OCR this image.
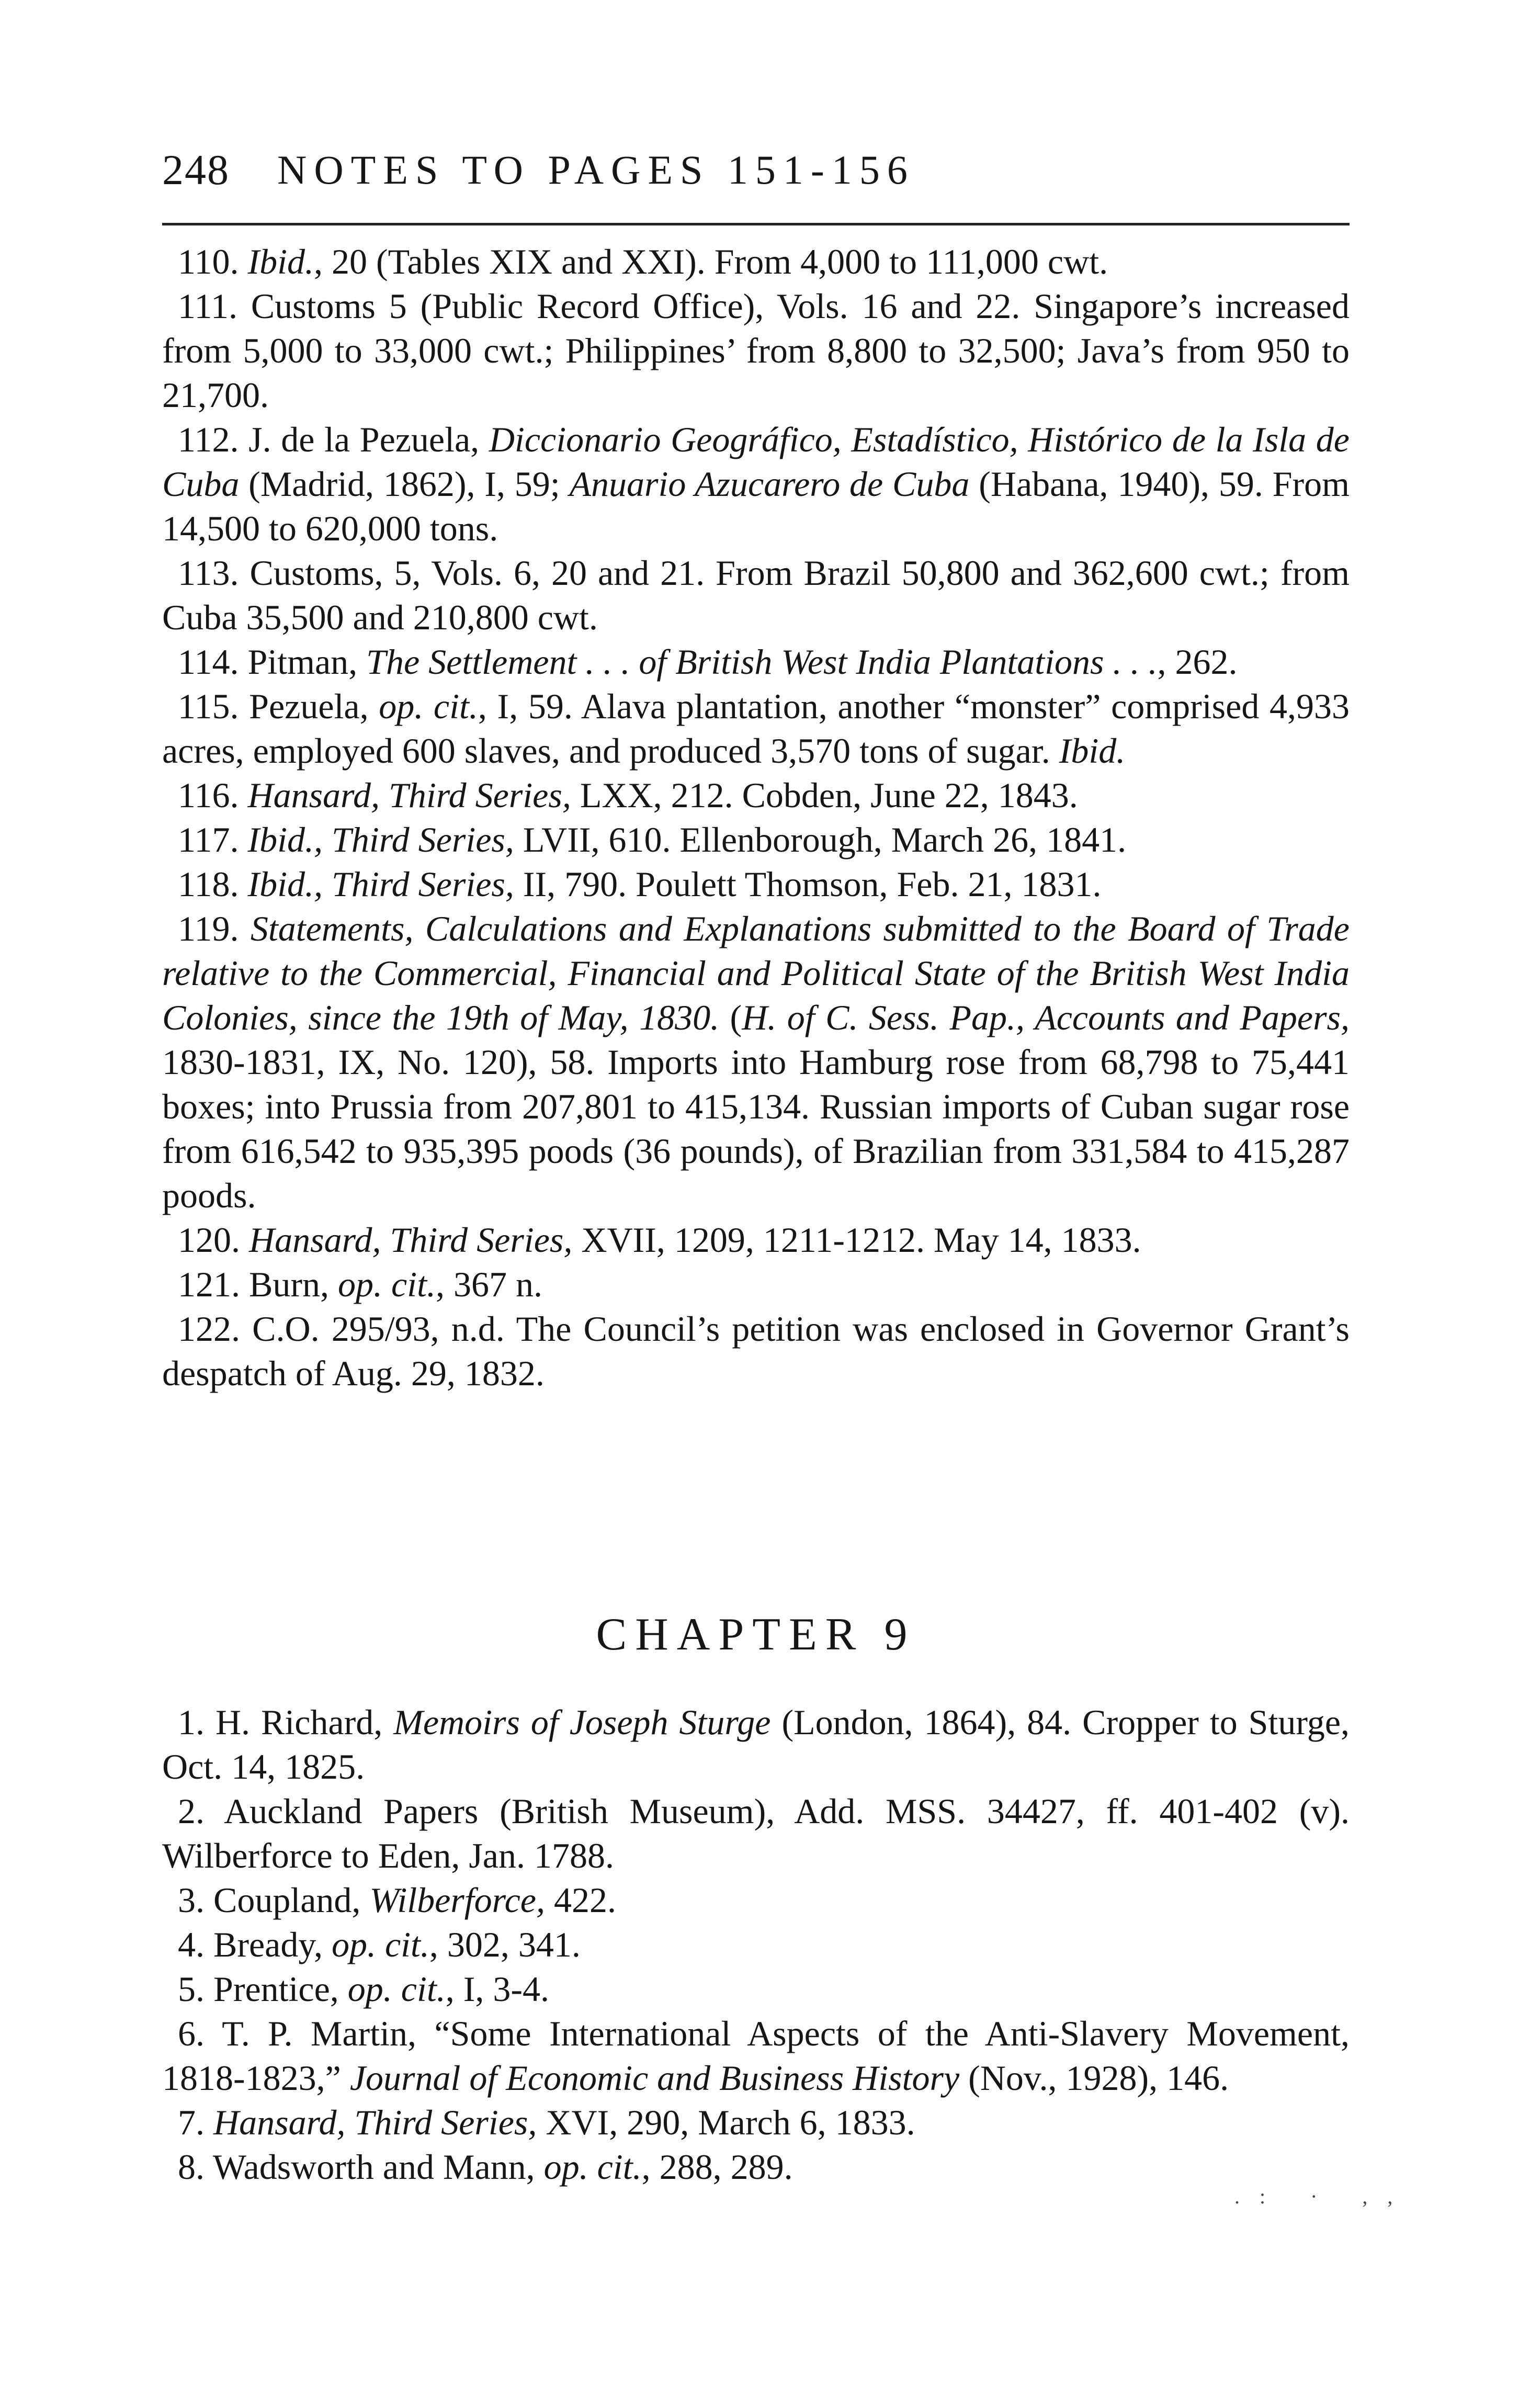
248 NOTES TO PAGES 151-156

110. Ibid., 20 (Tables XIX and XXI). From 4,000 to 111,000 cwt.

111. Customs 5 (Public Record Office), Vols. 16 and 22. Singapore’s increased from 5,000 to 33,000 cwt.; Philippines’ from 8,800 to 32,500; Java’s from 950 to 21,700.

112. J. de la Pezuela, Diccionario Geográfico, Estadístico, Histórico de la Isla de Cuba (Madrid, 1862), I, 59; Anuario Azucarero de Cuba (Habana, 1940), 59. From 14,500 to 620,000 tons.

113. Customs, 5, Vols. 6, 20 and 21. From Brazil 50,800 and 362,600 cwt.; from Cuba 35,500 and 210,800 cwt.

114. Pitman, The Settlement . . . of British West India Plantations . . ., 262.

115. Pezuela, op. cit., I, 59. Alava plantation, another “monster” comprised 4,933 acres, employed 600 slaves, and produced 3,570 tons of sugar. Ibid.

116. Hansard, Third Series, LXX, 212. Cobden, June 22, 1843.

117. Ibid., Third Series, LVII, 610. Ellenborough, March 26, 1841.

118. Ibid., Third Series, II, 790. Poulett Thomson, Feb. 21, 1831.

119. Statements, Calculations and Explanations submitted to the Board of Trade relative to the Commercial, Financial and Political State of the British West India Colonies, since the 19th of May, 1830. (H. of C. Sess. Pap., Accounts and Papers, 1830-1831, IX, No. 120), 58. Imports into Hamburg rose from 68,798 to 75,441 boxes; into Prussia from 207,801 to 415,134. Russian imports of Cuban sugar rose from 616,542 to 935,395 poods (36 pounds), of Brazilian from 331,584 to 415,287 poods.

120. Hansard, Third Series, XVII, 1209, 1211-1212. May 14, 1833.

121. Burn, op. cit., 367 n.

122. C.O. 295/93, n.d. The Council’s petition was enclosed in Governor Grant’s despatch of Aug. 29, 1832.

CHAPTER 9

1. H. Richard, Memoirs of Joseph Sturge (London, 1864), 84. Cropper to Sturge, Oct. 14, 1825.

2. Auckland Papers (British Museum), Add. MSS. 34427, ff. 401-402 (v). Wilberforce to Eden, Jan. 1788.

3. Coupland, Wilberforce, 422.

4. Bready, op. cit., 302, 341.

5. Prentice, op. cit., I, 3-4.

6. T. P. Martin, “Some International Aspects of the Anti-Slavery Movement, 1818-1823,” Journal of Economic and Business History (Nov., 1928), 146.

7. Hansard, Third Series, XVI, 290, March 6, 1833.

8. Wadsworth and Mann, op. cit., 288, 289.

.: · ,,
